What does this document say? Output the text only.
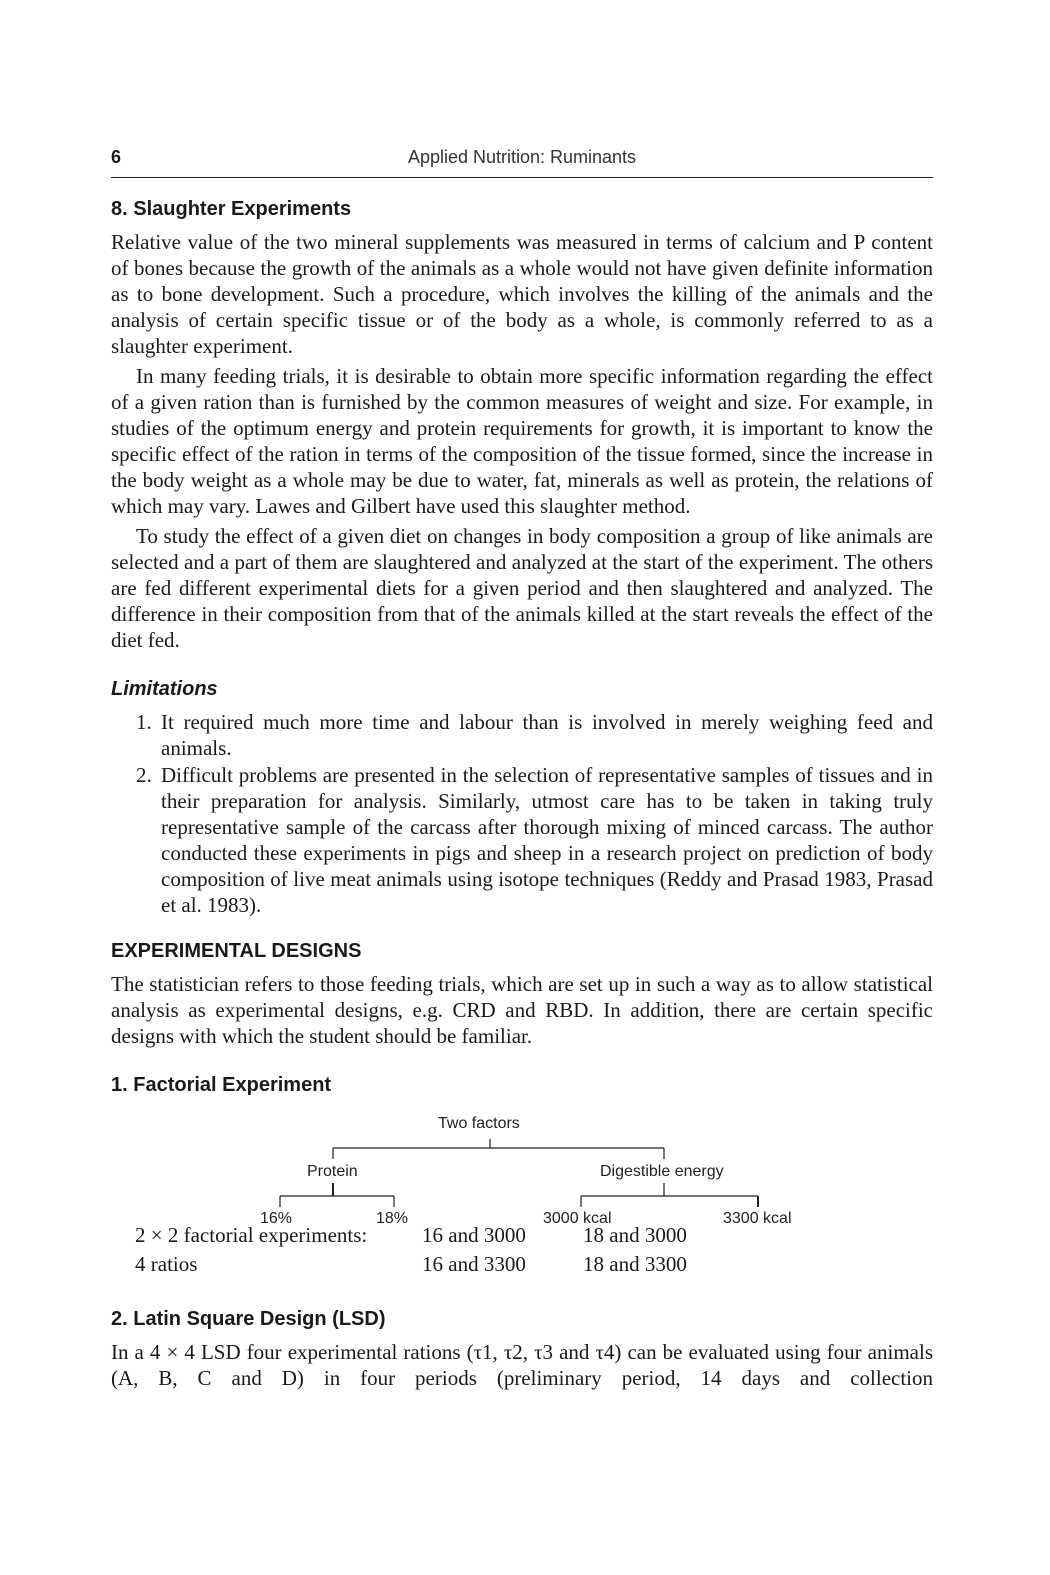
6	Applied Nutrition: Ruminants
8. Slaughter Experiments

Relative value of the two mineral supplements was measured in terms of calcium and P content of bones because the growth of the animals as a whole would not have given definite information as to bone development. Such a procedure, which involves the killing of the animals and the analysis of certain specific tissue or of the body as a whole, is commonly referred to as a slaughter experiment.

In many feeding trials, it is desirable to obtain more specific information regarding the effect of a given ration than is furnished by the common measures of weight and size. For example, in studies of the optimum energy and protein requirements for growth, it is important to know the specific effect of the ration in terms of the composition of the tissue formed, since the increase in the body weight as a whole may be due to water, fat, minerals as well as protein, the relations of which may vary. Lawes and Gilbert have used this slaughter method.

To study the effect of a given diet on changes in body composition a group of like animals are selected and a part of them are slaughtered and analyzed at the start of the experiment. The others are fed different experimental diets for a given period and then slaughtered and analyzed. The difference in their composition from that of the animals killed at the start reveals the effect of the diet fed.

Limitations
1. It required much more time and labour than is involved in merely weighing feed and animals.
2. Difficult problems are presented in the selection of representative samples of tissues and in their preparation for analysis. Similarly, utmost care has to be taken in taking truly representative sample of the carcass after thorough mixing of minced carcass. The author conducted these experiments in pigs and sheep in a research project on prediction of body composition of live meat animals using isotope techniques (Reddy and Prasad 1983, Prasad et al. 1983).
EXPERIMENTAL DESIGNS

The statistician refers to those feeding trials, which are set up in such a way as to allow statistical analysis as experimental designs, e.g. CRD and RBD. In addition, there are certain specific designs with which the student should be familiar.

1. Factorial Experiment
Two factors
Protein	Digestible energy
16%	18%	3000 kcal	3300 kcal
2 × 2 factorial experiments:	16 and 3000	18 and 3000
4 ratios	16 and 3300	18 and 3300
2. Latin Square Design (LSD)

In a 4 × 4 LSD four experimental rations (τ1, τ2, τ3 and τ4) can be evaluated using four animals (A, B, C and D) in four periods (preliminary period, 14 days and collection
